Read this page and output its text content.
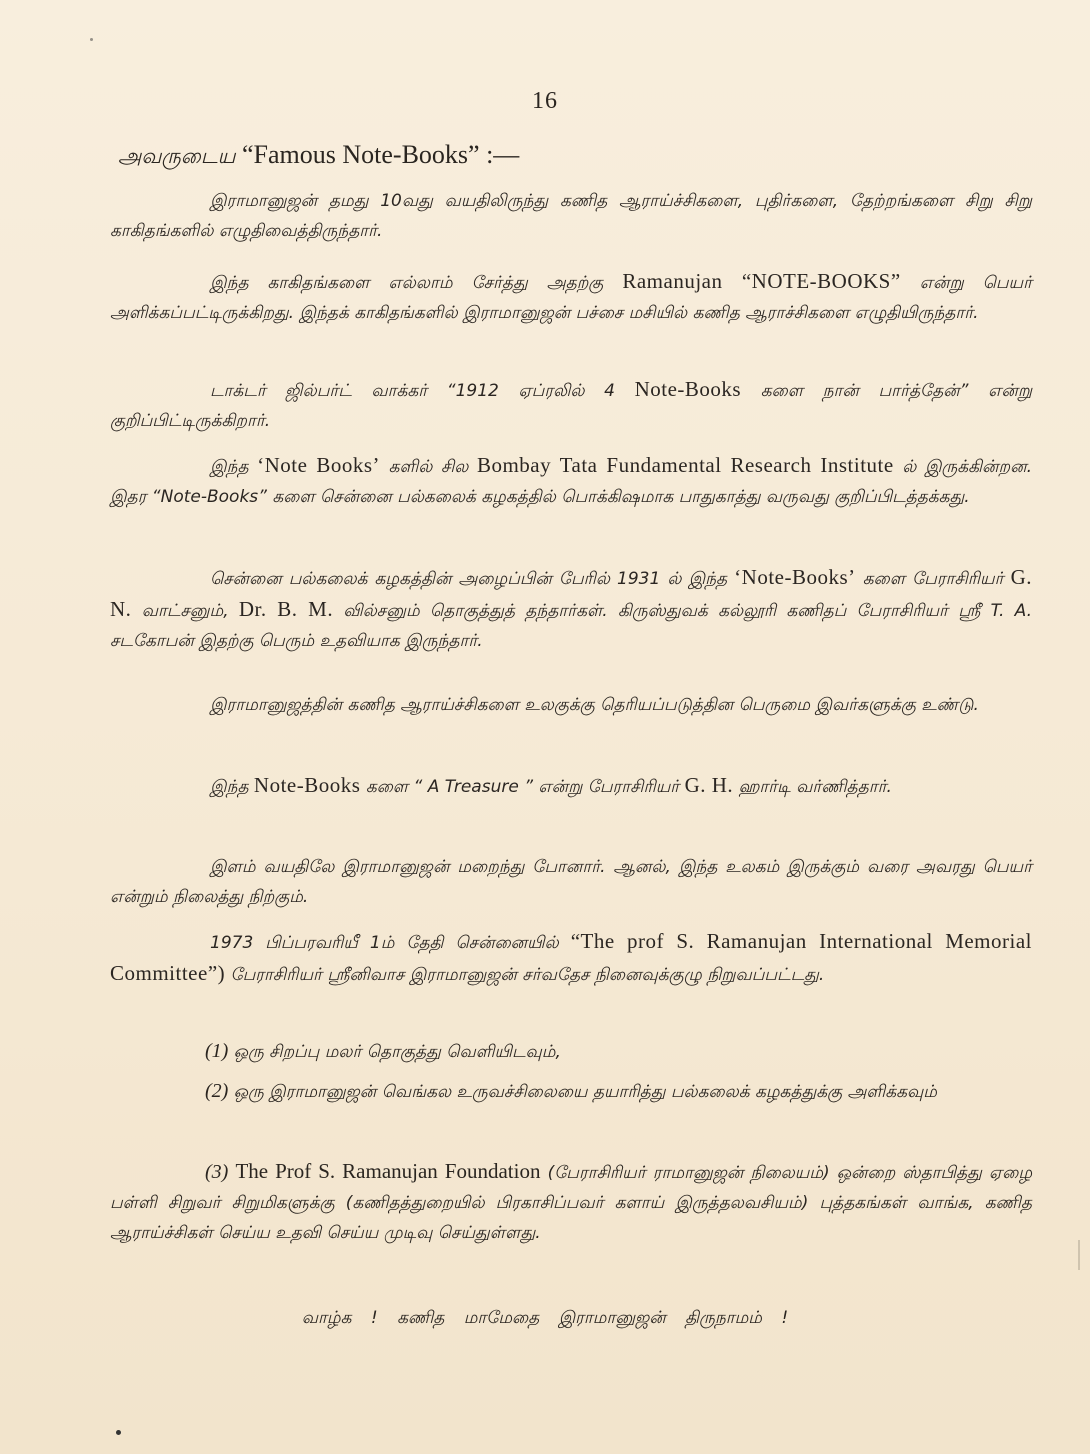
16
அவருடைய “Famous Note-Books” :—
இராமானுஜன் தமது 10வது வயதிலிருந்து கணித ஆராய்ச்சிகளை, புதிர்களை, தேற்றங்களை சிறு சிறு காகிதங்களில் எழுதிவைத்திருந்தார்.
இந்த காகிதங்களை எல்லாம் சேர்த்து அதற்கு Ramanujan “NOTE-BOOKS” என்று பெயர் அளிக்கப்பட்டிருக்கிறது. இந்தக் காகிதங்களில் இராமானுஜன் பச்சை மசியில் கணித ஆராச்சிகளை எழுதியிருந்தார்.
டாக்டர் ஜில்பர்ட் வாக்கர் “1912 ஏப்ரலில் 4 Note-Books களை நான் பார்த்தேன்” என்று குறிப்பிட்டிருக்கிறார்.
இந்த ‘Note Books’ களில் சில Bombay Tata Fundamental Research Institute ல் இருக்கின்றன. இதர “Note-Books” களை சென்னை பல்கலைக் கழகத்தில் பொக்கிஷமாக பாதுகாத்து வருவது குறிப்பிடத்தக்கது.
சென்னை பல்கலைக் கழகத்தின் அழைப்பின் பேரில் 1931 ல் இந்த ‘Note-Books’ களை பேராசிரியர் G. N. வாட்சனும், Dr. B. M. வில்சனும் தொகுத்துத் தந்தார்கள். கிருஸ்துவக் கல்லூரி கணிதப் பேராசிரியர் ஸ்ரீ T. A. சடகோபன் இதற்கு பெரும் உதவியாக இருந்தார்.
இராமானுஜத்தின் கணித ஆராய்ச்சிகளை உலகுக்கு தெரியப்படுத்தின பெருமை இவர்களுக்கு உண்டு.
இந்த Note-Books களை “ A Treasure ” என்று பேராசிரியர் G. H. ஹார்டி வர்ணித்தார்.
இளம் வயதிலே இராமானுஜன் மறைந்து போனார். ஆனல், இந்த உலகம் இருக்கும் வரை அவரது பெயர் என்றும் நிலைத்து நிற்கும்.
1973 பிப்பரவரியீ 1ம் தேதி சென்னையில் “The prof S. Ramanujan International Memorial Committee”) பேராசிரியர் ஸ்ரீனிவாச இராமானுஜன் சர்வதேச நினைவுக்குழு நிறுவப்பட்டது.
(1) ஒரு சிறப்பு மலர் தொகுத்து வெளியிடவும்,
(2) ஒரு இராமானுஜன் வெங்கல உருவச்சிலையை தயாரித்து பல்கலைக் கழகத்துக்கு அளிக்கவும்
(3) The Prof S. Ramanujan Foundation (பேராசிரியர் ராமானுஜன் நிலையம்) ஒன்றை ஸ்தாபித்து ஏழை பள்ளி சிறுவர் சிறுமிகளுக்கு (கணிதத்துறையில் பிரகாசிப்பவர் களாய் இருத்தலவசியம்) புத்தகங்கள் வாங்க, கணித ஆராய்ச்சிகள் செய்ய உதவி செய்ய முடிவு செய்துள்ளது.
வாழ்க ! கணித மாமேதை இராமானுஜன் திருநாமம் !
